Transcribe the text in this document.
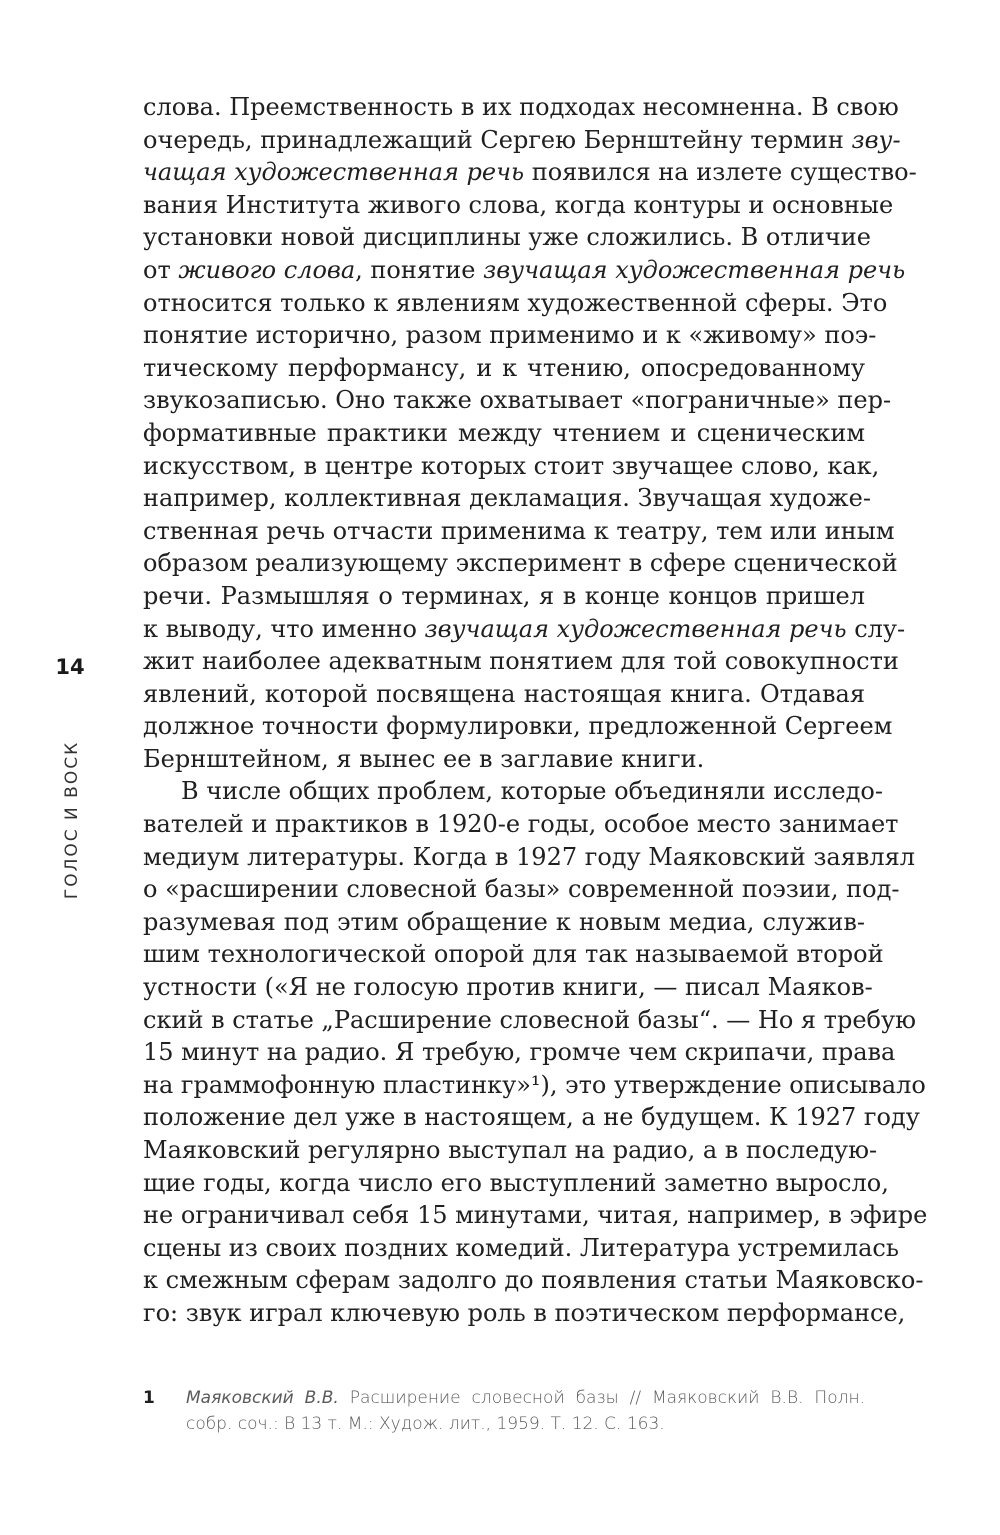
слова. Преемственность в их подходах несомненна. В свою
очередь, принадлежащий Сергею Бернштейну термин зву-
чащая художественная речь появился на излете существо-
вания Института живого слова, когда контуры и основные
установки новой дисциплины уже сложились. В отличие
от живого слова, понятие звучащая художественная речь
относится только к явлениям художественной сферы. Это
понятие исторично, разом применимо и к «живому» поэ-
тическому перформансу, и к чтению, опосредованному
звукозаписью. Оно также охватывает «пограничные» пер-
формативные практики между чтением и сценическим
искусством, в центре которых стоит звучащее слово, как,
например, коллективная декламация. Звучащая художе-
ственная речь отчасти применима к театру, тем или иным
образом реализующему эксперимент в сфере сценической
речи. Размышляя о терминах, я в конце концов пришел
к выводу, что именно звучащая художественная речь слу-
жит наиболее адекватным понятием для той совокупности
явлений, которой посвящена настоящая книга. Отдавая
должное точности формулировки, предложенной Сергеем
Бернштейном, я вынес ее в заглавие книги.
В числе общих проблем, которые объединяли исследо-
вателей и практиков в 1920-е годы, особое место занимает
медиум литературы. Когда в 1927 году Маяковский заявлял
о «расширении словесной базы» современной поэзии, под-
разумевая под этим обращение к новым медиа, служив-
шим технологической опорой для так называемой второй
устности («Я не голосую против книги, — писал Маяков-
ский в статье „Расширение словесной базы“. — Но я требую
15 минут на радио. Я требую, громче чем скрипачи, права
на граммофонную пластинку»¹), это утверждение описывало
положение дел уже в настоящем, а не будущем. К 1927 году
Маяковский регулярно выступал на радио, а в последую-
щие годы, когда число его выступлений заметно выросло,
не ограничивал себя 15 минутами, читая, например, в эфире
сцены из своих поздних комедий. Литература устремилась
к смежным сферам задолго до появления статьи Маяковско-
го: звук играл ключевую роль в поэтическом перформансе,
14
ГОЛОС И ВОСК
1 Маяковский В.В. Расширение словесной базы // Маяковский В.В. Полн.
собр. соч.: В 13 т. М.: Худож. лит., 1959. Т. 12. С. 163.
